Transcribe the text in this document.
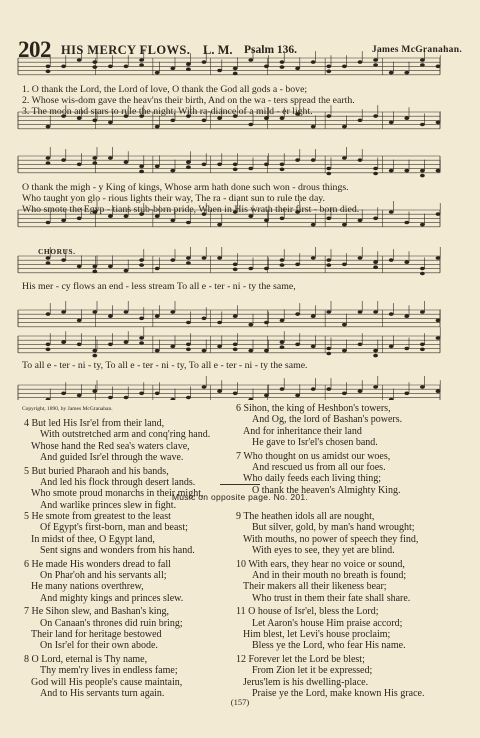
202 HIS MERCY FLOWS. L. M. Psalm 136.	James McGranahan.
1. O thank the Lord, the Lord of love, O thank the God all gods a - bove;
2. Whose wis-dom gave the heav'ns their birth, And on the wa - ters spread the earth.
3. The moon and stars to rule the night, With ra-diance of a mild - er light.
O thank the migh - y King of kings, Whose arm hath done such won - drous things.
Who taught yon glo - rious lights their way, The ra - diant sun to rule the day.
Who smote the Egyp - tians stub-born pride, When in His wrath their first - born died.
CHORUS.
His mer - cy flows an end - less stream To all e - ter - ni - ty the same,
To all e - ter - ni - ty, To all e - ter - ni - ty, To all e - ter - ni - ty the same.
Copyright, 1890, by James McGranahan.
4 But led His Isr'el from their land,
With outstretched arm and conq'ring hand.
Whose hand the Red sea's waters clave,
And guided Isr'el through the wave.
5 But buried Pharaoh and his bands,
And led his flock through desert lands.
Who smote proud monarchs in their might,
And warlike princes slew in fight.
6 Sihon, the king of Heshbon's towers,
And Og, the lord of Bashan's powers.
And for inheritance their land
He gave to Isr'el's chosen band.
7 Who thought on us amidst our woes,
And rescued us from all our foes.
Who daily feeds each living thing;
O thank the heaven's Almighty King.
Music on opposite page. No. 201.
5 He smote from greatest to the least
Of Egypt's first-born, man and beast;
In midst of thee, O Egypt land,
Sent signs and wonders from his hand.
6 He made His wonders dread to fall
On Phar'oh and his servants all;
He many nations overthrew,
And mighty kings and princes slew.
7 He Sihon slew, and Bashan's king,
On Canaan's thrones did ruin bring;
Their land for heritage bestowed
On Isr'el for their own abode.
8 O Lord, eternal is Thy name,
Thy mem'ry lives in endless fame;
God will His people's cause maintain,
And to His servants turn again.
9 The heathen idols all are nought,
But silver, gold, by man's hand wrought;
With mouths, no power of speech they find,
With eyes to see, they yet are blind.
10 With ears, they hear no voice or sound,
And in their mouth no breath is found;
Their makers all their likeness bear;
Who trust in them their fate shall share.
11 O house of Isr'el, bless the Lord;
Let Aaron's house Him praise accord;
Him blest, let Levi's house proclaim;
Bless ye the Lord, who fear His name.
12 Forever let the Lord be blest;
From Zion let it be expressed;
Jerus'lem is his dwelling-place.
Praise ye the Lord, make known His grace.
(157)
